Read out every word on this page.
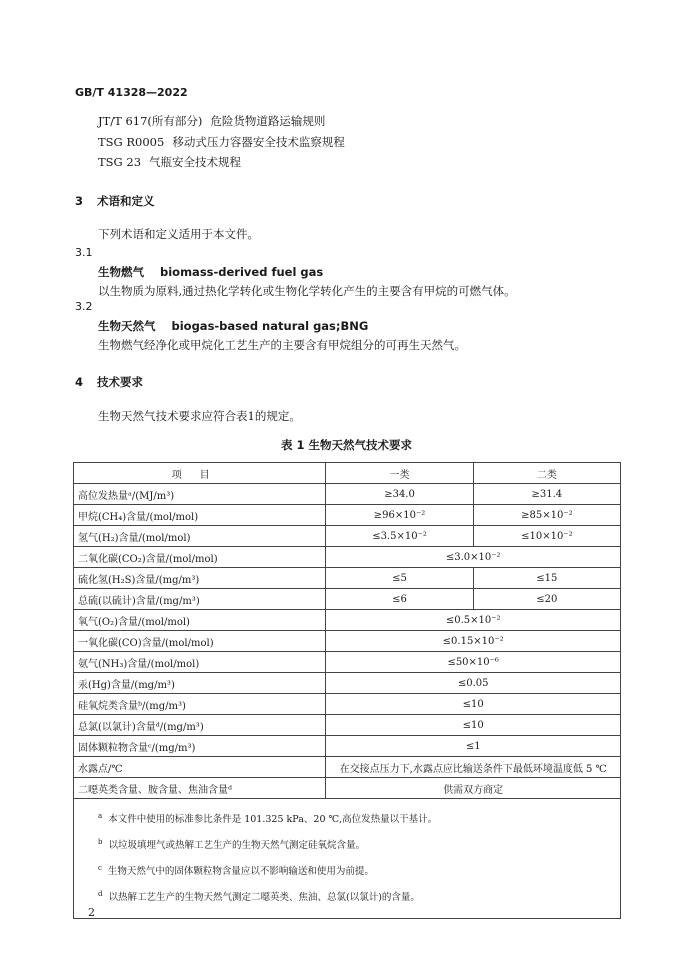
GB/T 41328—2022
JT/T 617(所有部分) 危险货物道路运输规则
TSG R0005 移动式压力容器安全技术监察规程
TSG 23 气瓶安全技术规程
3 术语和定义
下列术语和定义适用于本文件。
3.1
生物燃气 biomass-derived fuel gas
以生物质为原料,通过热化学转化或生物化学转化产生的主要含有甲烷的可燃气体。
3.2
生物天然气 biogas-based natural gas;BNG
生物燃气经净化或甲烷化工艺生产的主要含有甲烷组分的可再生天然气。
4 技术要求
生物天然气技术要求应符合表1的规定。
表 1 生物天然气技术要求
项目	一类	二类
高位发热量ᵃ/(MJ/m³)	≥34.0	≥31.4
甲烷(CH₄)含量/(mol/mol)	≥96×10⁻²	≥85×10⁻²
氢气(H₂)含量/(mol/mol)	≤3.5×10⁻²	≤10×10⁻²
二氧化碳(CO₂)含量/(mol/mol)	≤3.0×10⁻²	
硫化氢(H₂S)含量/(mg/m³)	≤5	≤15
总硫(以硫计)含量/(mg/m³)	≤6	≤20
氧气(O₂)含量/(mol/mol)	≤0.5×10⁻²	
一氧化碳(CO)含量/(mol/mol)	≤0.15×10⁻²	
氨气(NH₃)含量/(mol/mol)	≤50×10⁻⁶	
汞(Hg)含量/(mg/m³)	≤0.05	
硅氧烷类含量ᵇ/(mg/m³)	≤10	
总氯(以氯计)含量ᵈ/(mg/m³)	≤10	
固体颗粒物含量ᶜ/(mg/m³)	≤1	
水露点/℃	在交接点压力下,水露点应比输送条件下最低环境温度低 5 ℃	
二噁英类含量、胺含量、焦油含量ᵈ	供需双方商定	

$^a$ 本文件中使用的标准参比条件是 101.325 kPa、20 ℃,高位发热量以干基计。
$^b$ 以垃圾填埋气或热解工艺生产的生物天然气测定硅氧烷含量。
$^c$ 生物天然气中的固体颗粒物含量应以不影响输送和使用为前提。
$^d$ 以热解工艺生产的生物天然气测定二噁英类、焦油、总氯(以氯计)的含量。		
2
